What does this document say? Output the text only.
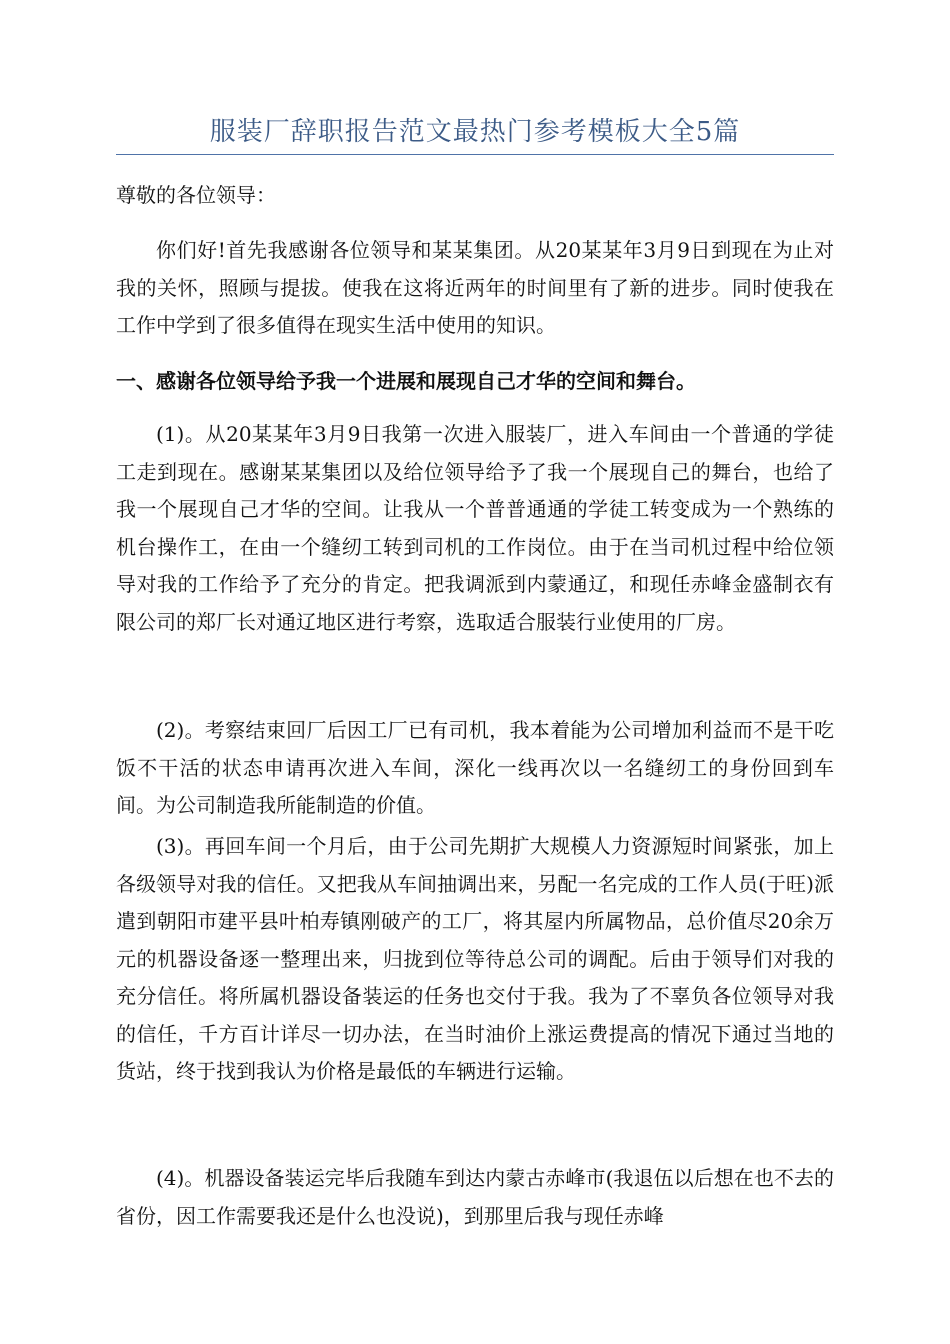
服装厂辞职报告范文最热门参考模板大全5篇
尊敬的各位领导：

你们好!首先我感谢各位领导和某某集团。从20某某年3月9日到现在为止对我的关怀，照顾与提拔。使我在这将近两年的时间里有了新的进步。同时使我在工作中学到了很多值得在现实生活中使用的知识。

一、感谢各位领导给予我一个进展和展现自己才华的空间和舞台。

(1)。从20某某年3月9日我第一次进入服装厂，进入车间由一个普通的学徒工走到现在。感谢某某集团以及给位领导给予了我一个展现自己的舞台，也给了我一个展现自己才华的空间。让我从一个普普通通的学徒工转变成为一个熟练的机台操作工，在由一个缝纫工转到司机的工作岗位。由于在当司机过程中给位领导对我的工作给予了充分的肯定。把我调派到内蒙通辽，和现任赤峰金盛制衣有限公司的郑厂长对通辽地区进行考察，选取适合服装行业使用的厂房。

(2)。考察结束回厂后因工厂已有司机，我本着能为公司增加利益而不是干吃饭不干活的状态申请再次进入车间，深化一线再次以一名缝纫工的身份回到车间。为公司制造我所能制造的价值。

(3)。再回车间一个月后，由于公司先期扩大规模人力资源短时间紧张，加上各级领导对我的信任。又把我从车间抽调出来，另配一名完成的工作人员(于旺)派遣到朝阳市建平县叶柏寿镇刚破产的工厂，将其屋内所属物品，总价值尽20余万元的机器设备逐一整理出来，归拢到位等待总公司的调配。后由于领导们对我的充分信任。将所属机器设备装运的任务也交付于我。我为了不辜负各位领导对我的信任，千方百计详尽一切办法，在当时油价上涨运费提高的情况下通过当地的货站，终于找到我认为价格是最低的车辆进行运输。

(4)。机器设备装运完毕后我随车到达内蒙古赤峰市(我退伍以后想在也不去的省份，因工作需要我还是什么也没说)，到那里后我与现任赤峰
